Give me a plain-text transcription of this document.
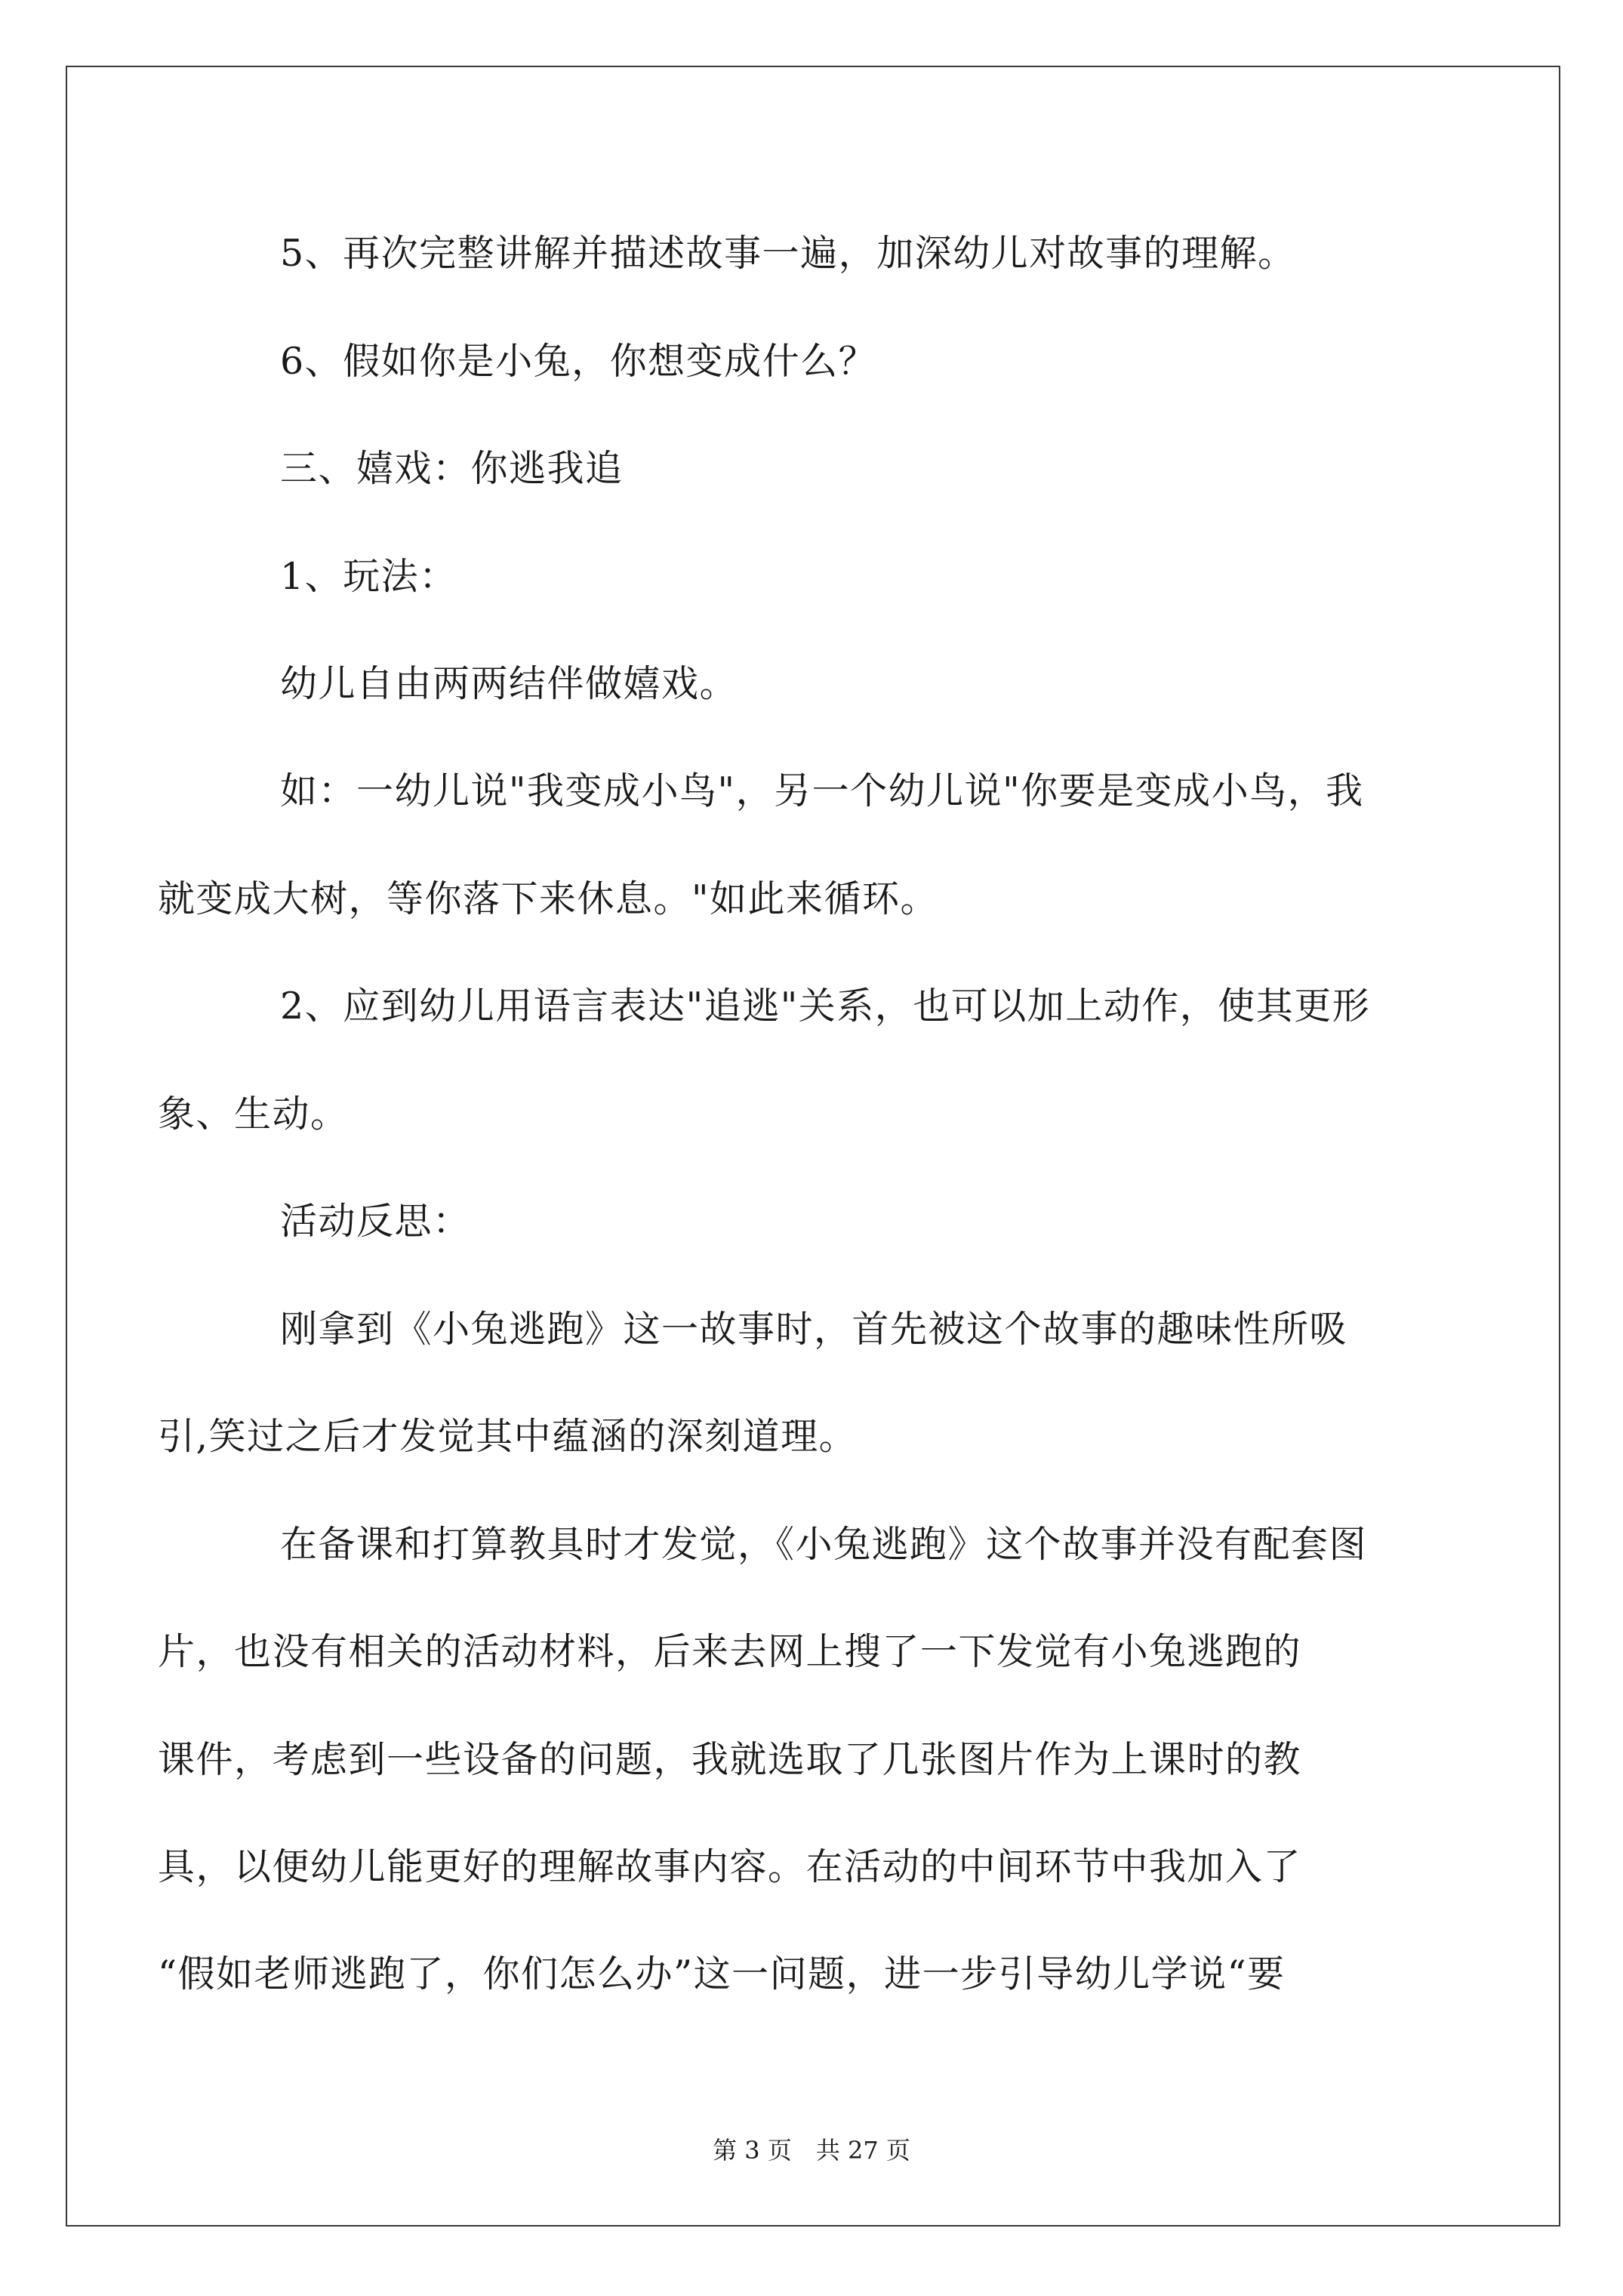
5、再次完整讲解并描述故事一遍，加深幼儿对故事的理解。
6、假如你是小兔，你想变成什么？
三、嬉戏：你逃我追
1、玩法：
幼儿自由两两结伴做嬉戏。
如：一幼儿说"我变成小鸟"，另一个幼儿说"你要是变成小鸟，我
就变成大树，等你落下来休息。"如此来循环。
2、应到幼儿用语言表达"追逃"关系，也可以加上动作，使其更形
象、生动。
活动反思：
刚拿到《小兔逃跑》这一故事时，首先被这个故事的趣味性所吸
引,笑过之后才发觉其中蕴涵的深刻道理。
在备课和打算教具时才发觉，《小兔逃跑》这个故事并没有配套图
片，也没有相关的活动材料，后来去网上搜了一下发觉有小兔逃跑的
课件，考虑到一些设备的问题，我就选取了几张图片作为上课时的教
具，以便幼儿能更好的理解故事内容。在活动的中间环节中我加入了
“假如老师逃跑了，你们怎么办”这一问题，进一步引导幼儿学说“要
第 3 页　共 27 页
